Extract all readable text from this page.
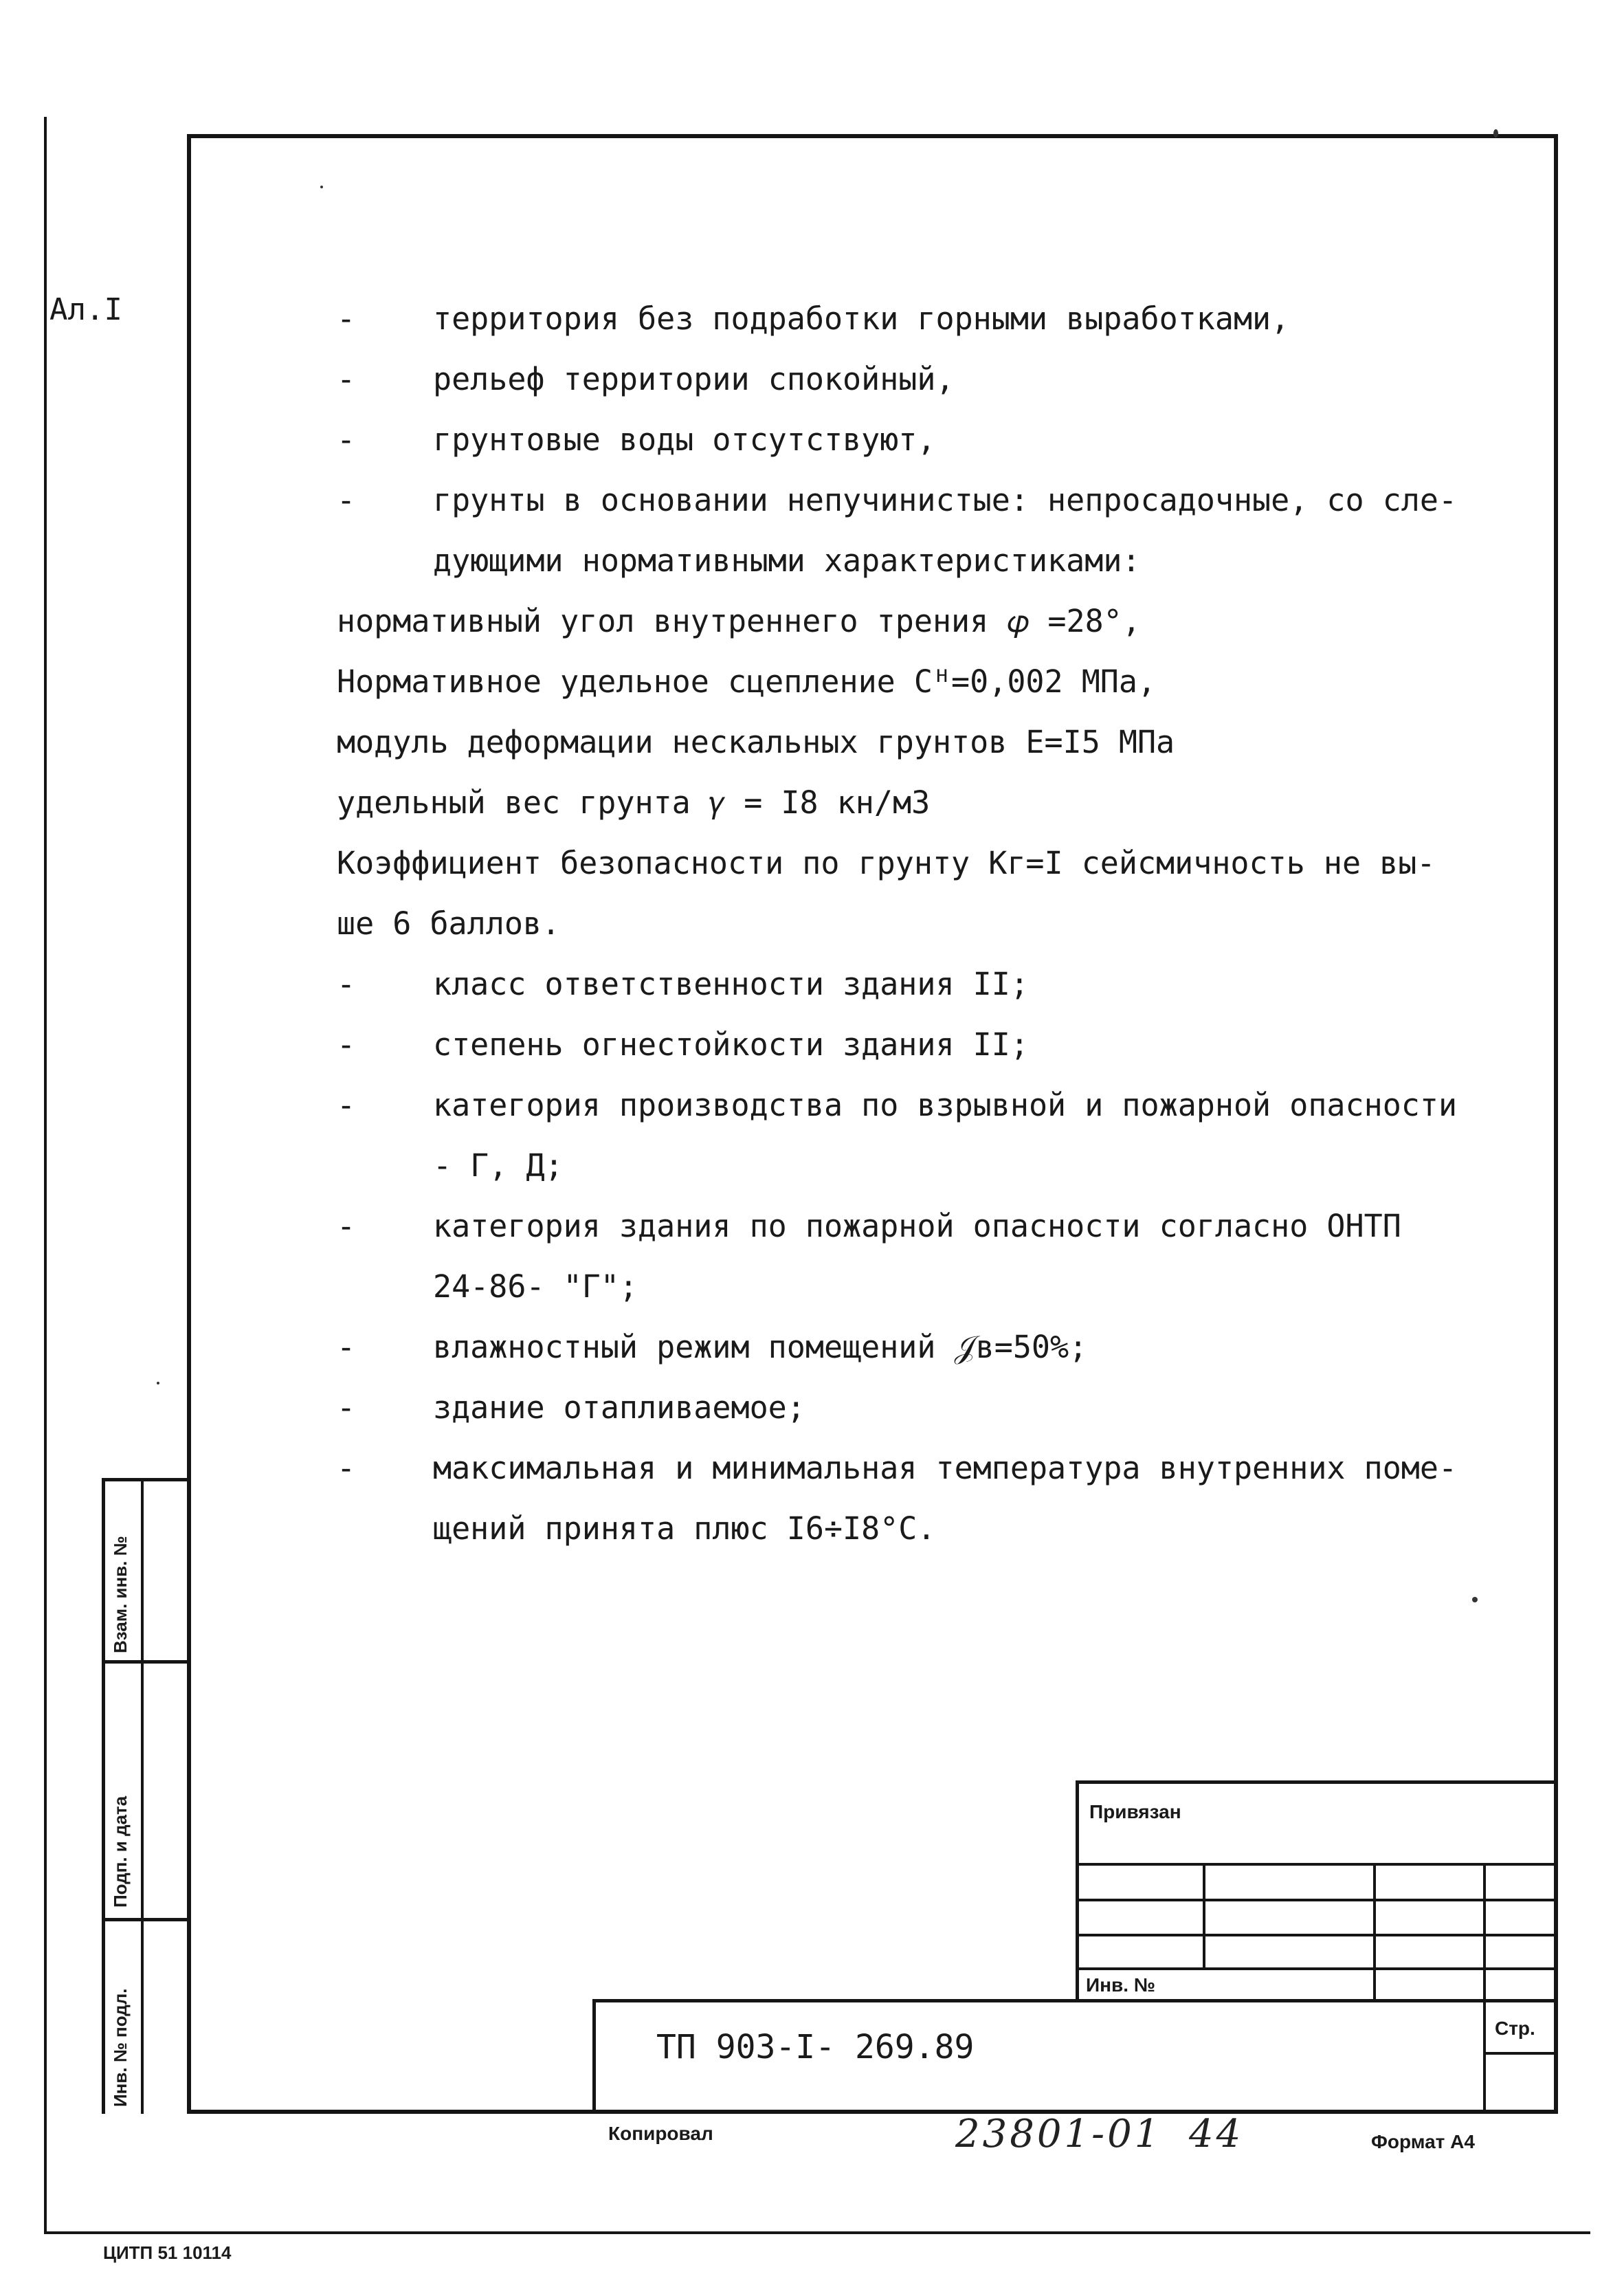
Ал.I	-	территория без подработки горными выработками,
-	рельеф территории спокойный,
-	грунтовые воды отсутствуют,
-	грунты в основании непучинистые: непросадочные, со сле-
дующими нормативными характеристиками:
нормативный угол внутреннего трения 𝜑 =28°,
Нормативное удельное сцепление Cᴴ=0,002 МПа,
модуль деформации нескальных грунтов E=I5 МПа
удельный вес грунта 𝛾 = I8 кн/м3
Коэффициент безопасности по грунту Кг=I сейсмичность не вы-
ше 6 баллов.
-	класс ответственности здания II;
-	степень огнестойкости здания II;
-	категория производства по взрывной и пожарной опасности
- Г, Д;
-	категория здания по пожарной опасности согласно ОНТП
24-86- "Г";
-	влажностный режим помещений 𝒥в=50%;
-	здание отапливаемое;
-	максимальная и минимальная температура внутренних поме-
щений принята плюс I6÷I8°C.
Взам. инв. №
Подп. и дата
Инв. № подл.
Привязан
Инв. №
Стр.
ТП 903-I- 269.89
Копировал	23801-01 44	Формат А4
ЦИТП 51 10114
